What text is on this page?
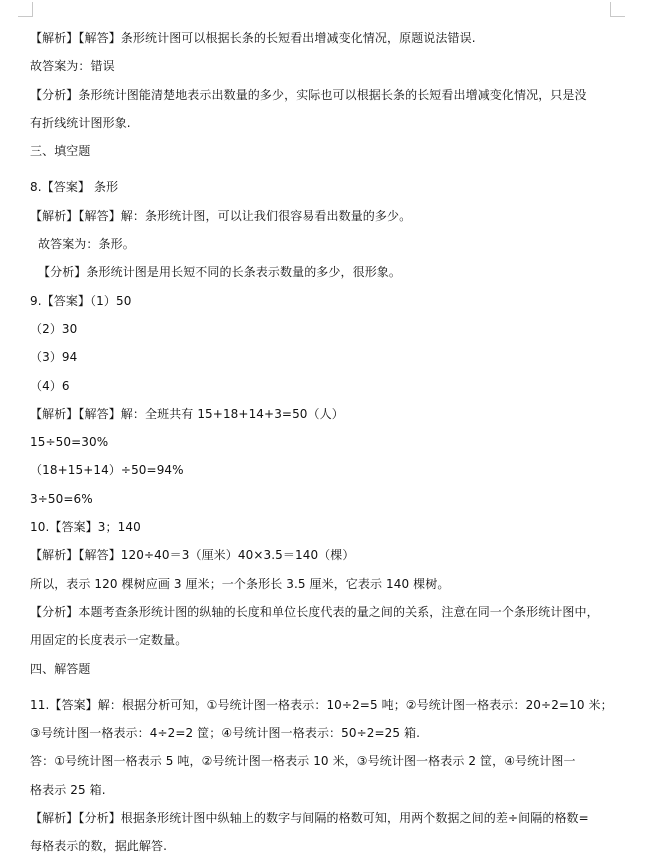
【解析】【解答】条形统计图可以根据长条的长短看出增减变化情况，原题说法错误.
故答案为：错误
【分析】条形统计图能清楚地表示出数量的多少，实际也可以根据长条的长短看出增减变化情况，只是没
有折线统计图形象.
三、填空题
8.【答案】 条形
【解析】【解答】解：条形统计图，可以让我们很容易看出数量的多少。
故答案为：条形。
【分析】条形统计图是用长短不同的长条表示数量的多少，很形象。
9.【答案】（1）50
（2）30
（3）94
（4）6
【解析】【解答】解：全班共有 15+18+14+3=50（人）
15÷50=30%
（18+15+14）÷50=94%
3÷50=6%
10.【答案】3；140
【解析】【解答】120÷40＝3（厘米）40×3.5＝140（棵）
所以，表示 120 棵树应画 3 厘米；一个条形长 3.5 厘米，它表示 140 棵树。
【分析】本题考查条形统计图的纵轴的长度和单位长度代表的量之间的关系，注意在同一个条形统计图中，
用固定的长度表示一定数量。
四、解答题
11.【答案】解：根据分析可知，①号统计图一格表示：10÷2=5 吨；②号统计图一格表示：20÷2=10 米；
③号统计图一格表示：4÷2=2 筐；④号统计图一格表示：50÷2=25 箱.
答：①号统计图一格表示 5 吨，②号统计图一格表示 10 米，③号统计图一格表示 2 筐，④号统计图一
格表示 25 箱.
【解析】【分析】根据条形统计图中纵轴上的数字与间隔的格数可知，用两个数据之间的差÷间隔的格数=
每格表示的数，据此解答.
